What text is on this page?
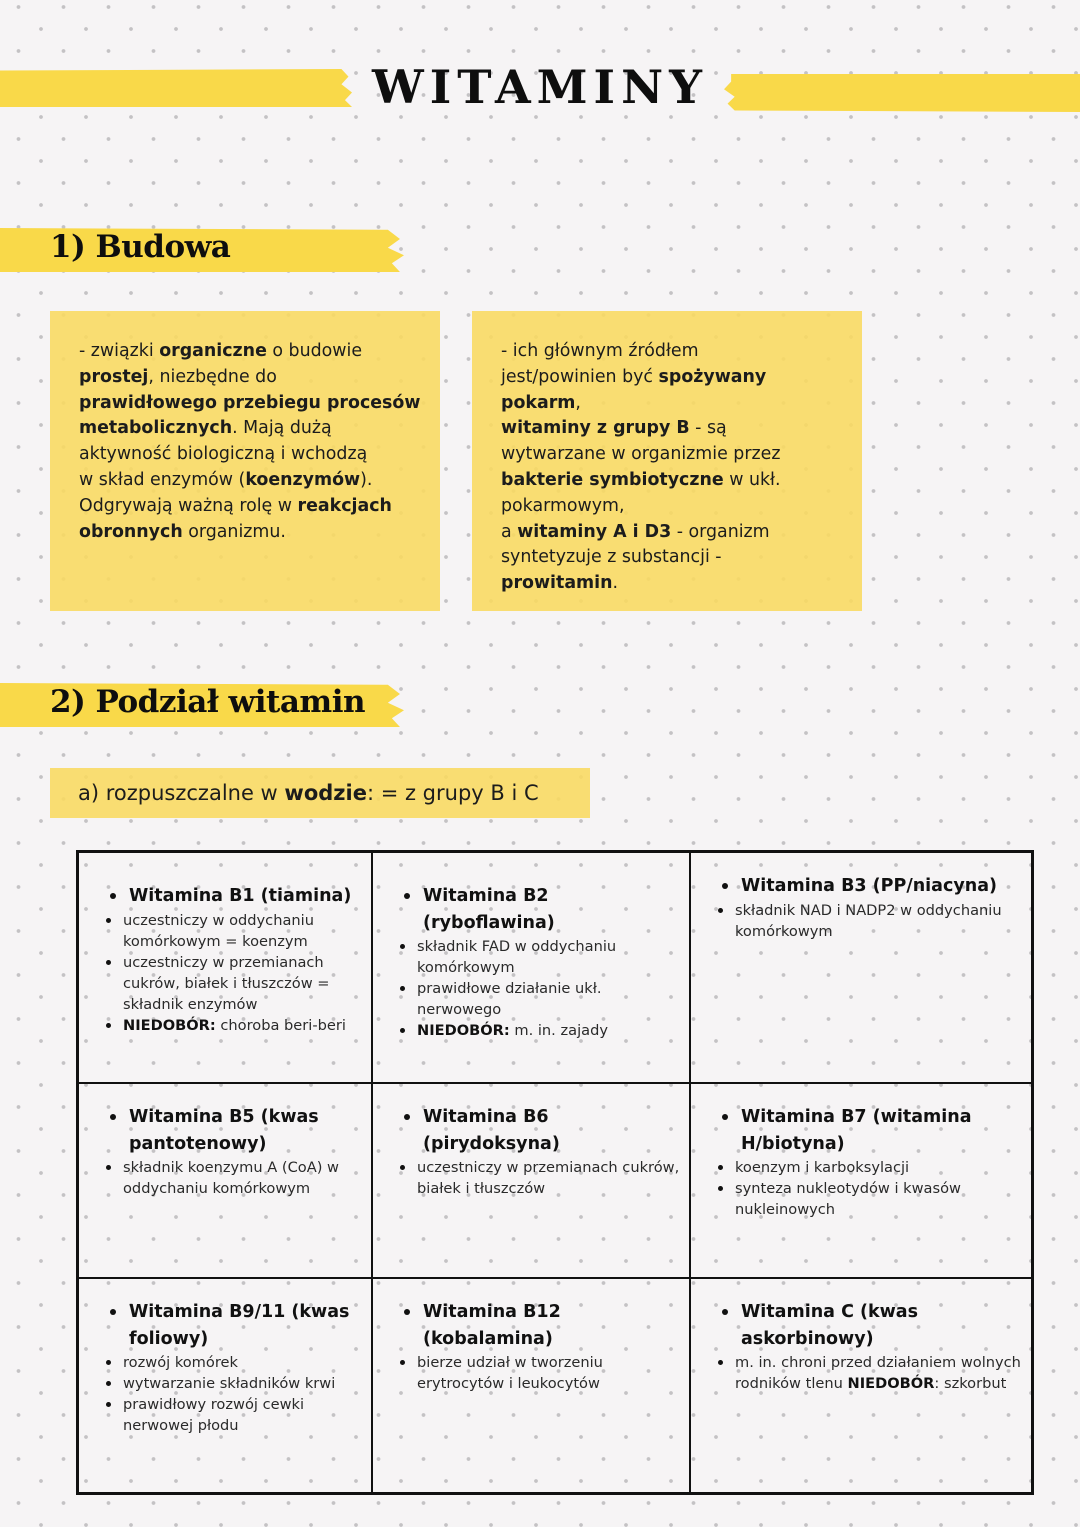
WITAMINY
1) Budowa
- związki organiczne o budowie
prostej, niezbędne do
prawidłowego przebiegu procesów
metabolicznych. Mają dużą
aktywność biologiczną i wchodzą
w skład enzymów (koenzymów).
Odgrywają ważną rolę w reakcjach
obronnych organizmu.
- ich głównym źródłem
jest/powinien być spożywany
pokarm,
witaminy z grupy B - są
wytwarzane w organizmie przez
bakterie symbiotyczne w ukł.
pokarmowym,
a witaminy A i D3 - organizm
syntetyzuje z substancji -
prowitamin.
2) Podział witamin
a) rozpuszczalne w wodzie: = z grupy B i C
Witamina B1 (tiamina)
uczestniczy w oddychaniu komórkowym = koenzym
uczestniczy w przemianach cukrów, białek i tłuszczów = składnik enzymów
NIEDOBÓR: choroba beri-beri
Witamina B2 (ryboflawina)
składnik FAD w oddychaniu komórkowym
prawidłowe działanie ukł. nerwowego
NIEDOBÓR: m. in. zajady
Witamina B3 (PP/niacyna)
składnik NAD i NADP2 w oddychaniu komórkowym
Witamina B5 (kwas pantotenowy)
składnik koenzymu A (CoA) w oddychaniu komórkowym
Witamina B6 (pirydoksyna)
uczestniczy w przemianach cukrów, białek i tłuszczów
Witamina B7 (witamina H/biotyna)
koenzym i karboksylacji
synteza nukleotydów i kwasów nukleinowych
Witamina B9/11 (kwas foliowy)
rozwój komórek
wytwarzanie składników krwi
prawidłowy rozwój cewki nerwowej płodu
Witamina B12 (kobalamina)
bierze udział w tworzeniu erytrocytów i leukocytów
Witamina C (kwas askorbinowy)
m. in. chroni przed działaniem wolnych rodników tlenu NIEDOBÓR: szkorbut
